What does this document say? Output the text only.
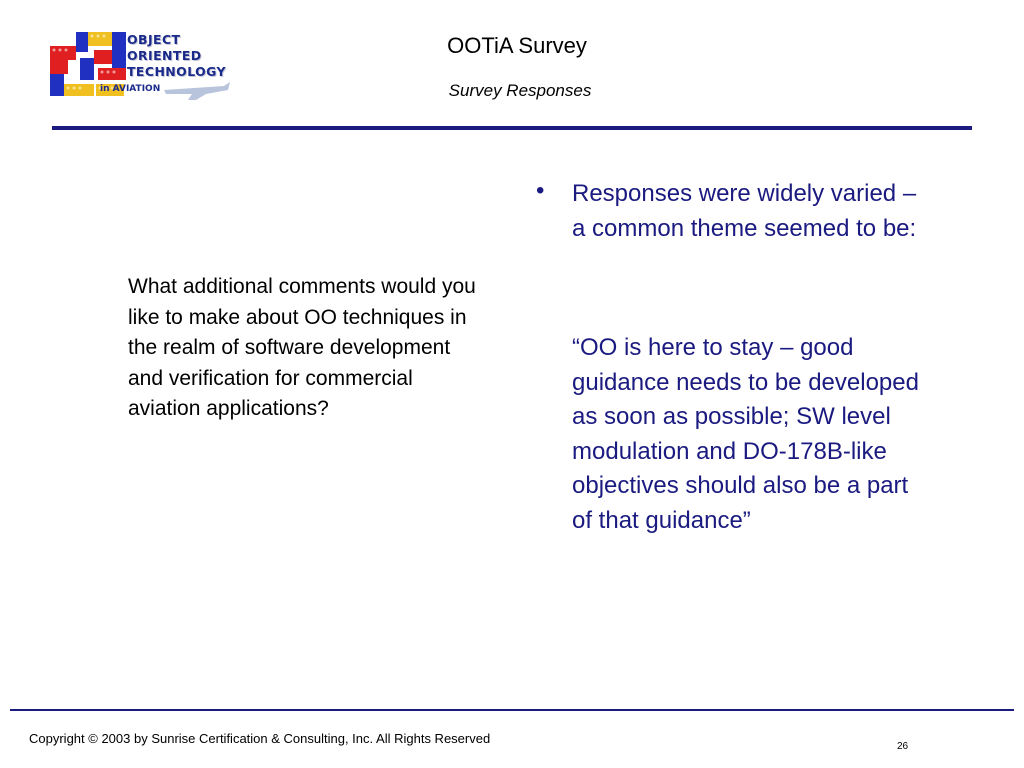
OBJECT
ORIENTED
TECHNOLOGY
in AVIATION
OOTiA Survey
Survey Responses
What additional comments would you like to make about OO techniques in the realm of software development and verification for commercial aviation applications?
•	Responses were widely varied – a common theme seemed to be:
“OO is here to stay – good guidance needs to be developed as soon as possible; SW level modulation and DO-178B-like objectives should also be a part of that guidance”
Copyright © 2003 by Sunrise Certification & Consulting, Inc. All Rights Reserved
26
